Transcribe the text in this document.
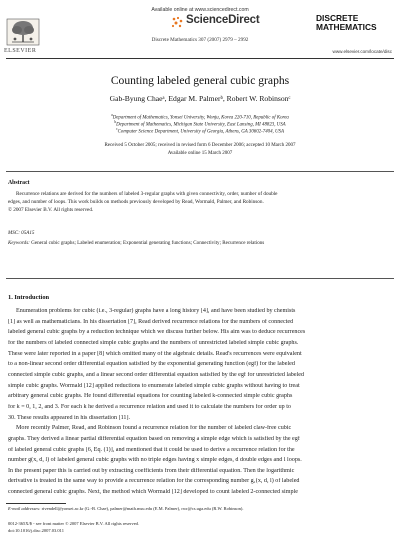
ELSEVIER
Available online at www.sciencedirect.com
ScienceDirect
Discrete Mathematics 307 (2007) 2979 – 2992
DISCRETE
MATHEMATICS
www.elsevier.com/locate/disc
Counting labeled general cubic graphs
Gab-Byung Chaeᵃ, Edgar M. Palmerᵇ, Robert W. Robinsonᶜ
$^a$Department of Mathematics, Yonsei University, Wonju, Korea 220-710, Republic of Korea
$^b$Department of Mathematics, Michigan State University, East Lansing, MI 48823, USA
$^c$Computer Science Department, University of Georgia, Athens, GA 30602-7404, USA
Received 5 October 2005; received in revised form 6 December 2006; accepted 10 March 2007
Available online 15 March 2007
Abstract
Recurrence relations are derived for the numbers of labeled 3-regular graphs with given connectivity, order, number of double
edges, and number of loops. This work builds on methods previously developed by Read, Wormald, Palmer, and Robinson.
© 2007 Elsevier B.V. All rights reserved.
MSC: 05A15
Keywords: General cubic graphs; Labeled enumeration; Exponential generating functions; Connectivity; Recurrence relations
1. Introduction
Enumeration problems for cubic (i.e., 3-regular) graphs have a long history [4], and have been studied by chemists
[1] as well as mathematicians. In his dissertation [7], Read derived recurrence relations for the numbers of connected
labeled general cubic graphs by a reduction technique which we discuss further below. His aim was to deduce recurrences
for the numbers of labeled connected simple cubic graphs and the numbers of unrestricted labeled simple cubic graphs.
These were later reported in a paper [8] which omitted many of the algebraic details. Read's recurrences were equivalent
to a non-linear second order differential equation satisfied by the exponential generating function (egf) for the labeled
connected simple cubic graphs, and a linear second order differential equation satisfied by the egf for unrestricted labeled
simple cubic graphs. Wormald [12] applied reductions to enumerate labeled simple cubic graphs without having to treat
arbitrary general cubic graphs. He found differential equations for counting labeled k-connected simple cubic graphs
for k = 0, 1, 2, and 3. For each k he derived a recurrence relation and used it to calculate the numbers for order up to
30. These results appeared in his dissertation [11].
More recently Palmer, Read, and Robinson found a recurrence relation for the number of labeled claw-free cubic
graphs. They derived a linear partial differential equation based on removing a simple edge which is satisfied by the egf
of labeled general cubic graphs [6, Eq. (1)], and mentioned that it could be used to derive a recurrence relation for the
number g(x, d, l) of labeled general cubic graphs with no triple edges having x simple edges, d double edges and l loops.
In the present paper this is carried out by extracting coefficients from their differential equation. Then the logarithmic
derivative is treated in the same way to provide a recurrence relation for the corresponding number g₁(x, d, l) of labeled
connected general cubic graphs. Next, the method which Wormald [12] developed to count labeled 2-connected simple
E-mail addresses: rivendell@yonsei.ac.kr (G.-B. Chae), palmer@math.msu.edu (E.M. Palmer), rwr@cs.uga.edu (R.W. Robinson).
0012-365X/$ - see front matter © 2007 Elsevier B.V. All rights reserved.
doi:10.1016/j.disc.2007.03.011
